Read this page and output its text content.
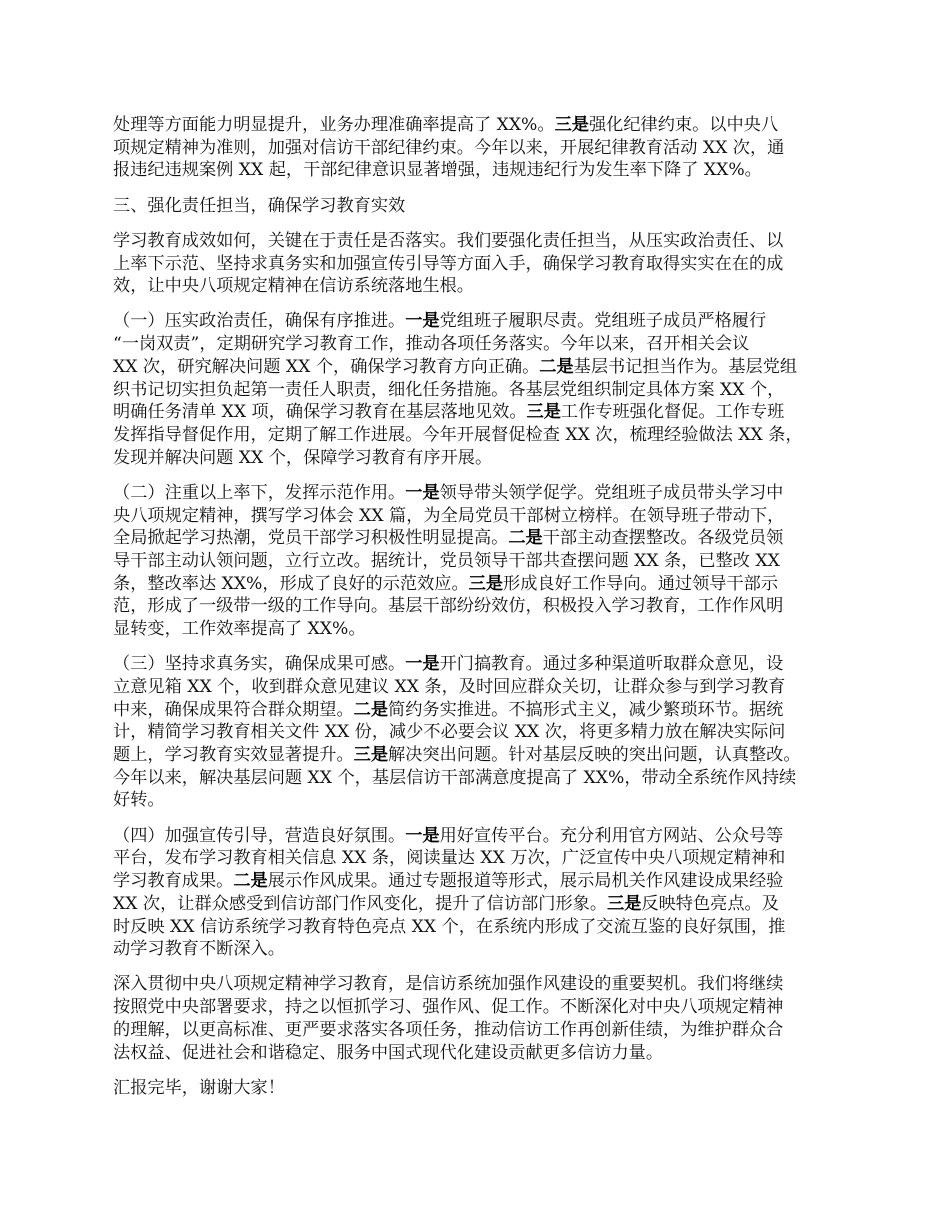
处理等方面能力明显提升，业务办理准确率提高了 XX%。三是强化纪律约束。以中央八
项规定精神为准则，加强对信访干部纪律约束。今年以来，开展纪律教育活动 XX 次，通
报违纪违规案例 XX 起，干部纪律意识显著增强，违规违纪行为发生率下降了 XX%。

三、强化责任担当，确保学习教育实效

学习教育成效如何，关键在于责任是否落实。我们要强化责任担当，从压实政治责任、以
上率下示范、坚持求真务实和加强宣传引导等方面入手，确保学习教育取得实实在在的成
效，让中央八项规定精神在信访系统落地生根。

（一）压实政治责任，确保有序推进。一是党组班子履职尽责。党组班子成员严格履行
“一岗双责”，定期研究学习教育工作，推动各项任务落实。今年以来，召开相关会议
XX 次，研究解决问题 XX 个，确保学习教育方向正确。二是基层书记担当作为。基层党组
织书记切实担负起第一责任人职责，细化任务措施。各基层党组织制定具体方案 XX 个，
明确任务清单 XX 项，确保学习教育在基层落地见效。三是工作专班强化督促。工作专班
发挥指导督促作用，定期了解工作进展。今年开展督促检查 XX 次，梳理经验做法 XX 条，
发现并解决问题 XX 个，保障学习教育有序开展。

（二）注重以上率下，发挥示范作用。一是领导带头领学促学。党组班子成员带头学习中
央八项规定精神，撰写学习体会 XX 篇，为全局党员干部树立榜样。在领导班子带动下，
全局掀起学习热潮，党员干部学习积极性明显提高。二是干部主动查摆整改。各级党员领
导干部主动认领问题，立行立改。据统计，党员领导干部共查摆问题 XX 条，已整改 XX
条，整改率达 XX%，形成了良好的示范效应。三是形成良好工作导向。通过领导干部示
范，形成了一级带一级的工作导向。基层干部纷纷效仿，积极投入学习教育，工作作风明
显转变，工作效率提高了 XX%。

（三）坚持求真务实，确保成果可感。一是开门搞教育。通过多种渠道听取群众意见，设
立意见箱 XX 个，收到群众意见建议 XX 条，及时回应群众关切，让群众参与到学习教育
中来，确保成果符合群众期望。二是简约务实推进。不搞形式主义，减少繁琐环节。据统
计，精简学习教育相关文件 XX 份，减少不必要会议 XX 次，将更多精力放在解决实际问
题上，学习教育实效显著提升。三是解决突出问题。针对基层反映的突出问题，认真整改。
今年以来，解决基层问题 XX 个，基层信访干部满意度提高了 XX%，带动全系统作风持续
好转。

（四）加强宣传引导，营造良好氛围。一是用好宣传平台。充分利用官方网站、公众号等
平台，发布学习教育相关信息 XX 条，阅读量达 XX 万次，广泛宣传中央八项规定精神和
学习教育成果。二是展示作风成果。通过专题报道等形式，展示局机关作风建设成果经验
XX 次，让群众感受到信访部门作风变化，提升了信访部门形象。三是反映特色亮点。及
时反映 XX 信访系统学习教育特色亮点 XX 个，在系统内形成了交流互鉴的良好氛围，推
动学习教育不断深入。

深入贯彻中央八项规定精神学习教育，是信访系统加强作风建设的重要契机。我们将继续
按照党中央部署要求，持之以恒抓学习、强作风、促工作。不断深化对中央八项规定精神
的理解，以更高标准、更严要求落实各项任务，推动信访工作再创新佳绩，为维护群众合
法权益、促进社会和谐稳定、服务中国式现代化建设贡献更多信访力量。

汇报完毕，谢谢大家！
